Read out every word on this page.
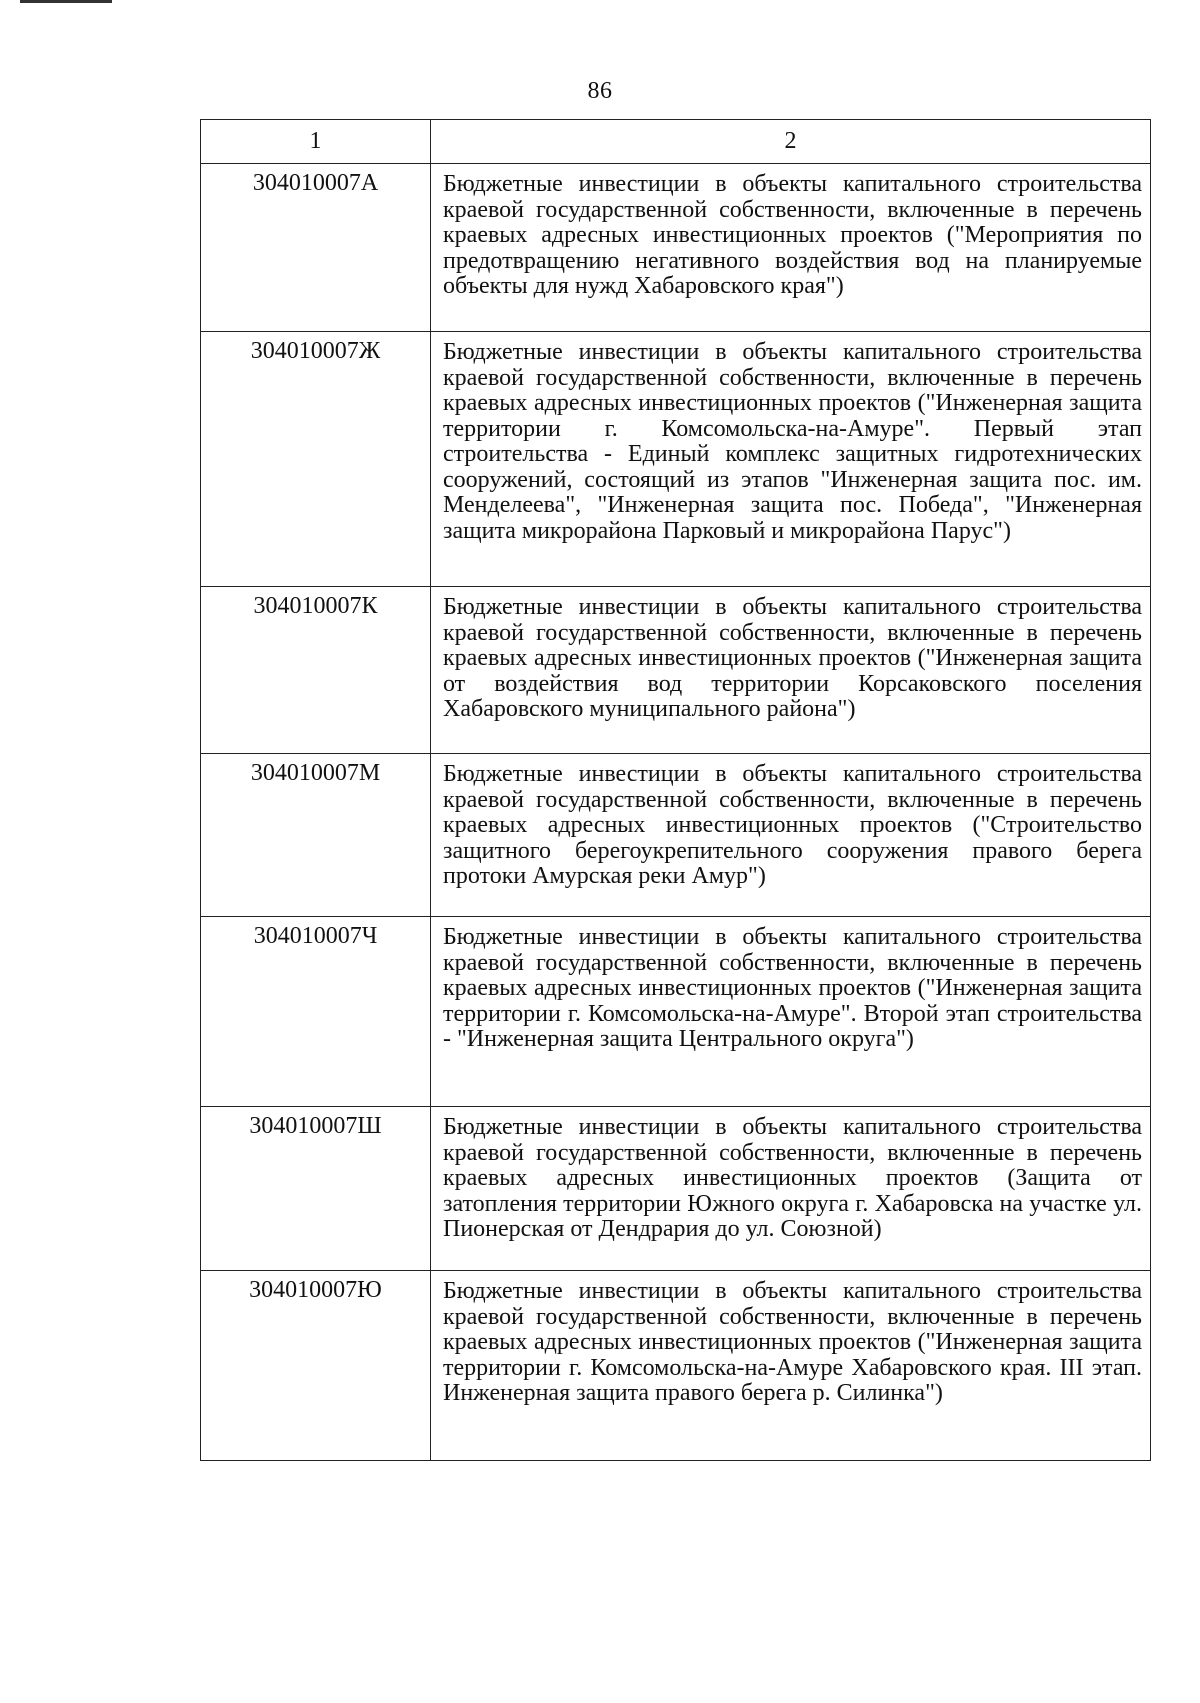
86
1	2
304010007А	Бюджетные инвестиции в объекты капитального строительства краевой государственной собственности, включенные в перечень краевых адресных инвестиционных проектов ("Мероприятия по предотвращению негативного воздействия вод на планируемые объекты для нужд Хабаровского края")
304010007Ж	Бюджетные инвестиции в объекты капитального строительства краевой государственной собственности, включенные в перечень краевых адресных инвестиционных проектов ("Инженерная защита территории г. Комсомольска-на-Амуре". Первый этап строительства - Единый комплекс защитных гидротехнических сооружений, состоящий из этапов "Инженерная защита пос. им. Менделеева", "Инженерная защита пос. Победа", "Инженерная защита микрорайона Парковый и микрорайона Парус")
304010007К	Бюджетные инвестиции в объекты капитального строительства краевой государственной собственности, включенные в перечень краевых адресных инвестиционных проектов ("Инженерная защита от воздействия вод территории Корсаковского поселения Хабаровского муниципального района")
304010007М	Бюджетные инвестиции в объекты капитального строительства краевой государственной собственности, включенные в перечень краевых адресных инвестиционных проектов ("Строительство защитного берегоукрепительного сооружения правого берега протоки Амурская реки Амур")
304010007Ч	Бюджетные инвестиции в объекты капитального строительства краевой государственной собственности, включенные в перечень краевых адресных инвестиционных проектов ("Инженерная защита территории г. Комсомольска-на-Амуре". Второй этап строительства - "Инженерная защита Центрального округа")
304010007Ш	Бюджетные инвестиции в объекты капитального строительства краевой государственной собственности, включенные в перечень краевых адресных инвестиционных проектов (Защита от затопления территории Южного округа г. Хабаровска на участке ул. Пионерская от Дендрария до ул. Союзной)
304010007Ю	Бюджетные инвестиции в объекты капитального строительства краевой государственной собственности, включенные в перечень краевых адресных инвестиционных проектов ("Инженерная защита территории г. Комсомольска-на-Амуре Хабаровского края. III этап. Инженерная защита правого берега р. Силинка")
